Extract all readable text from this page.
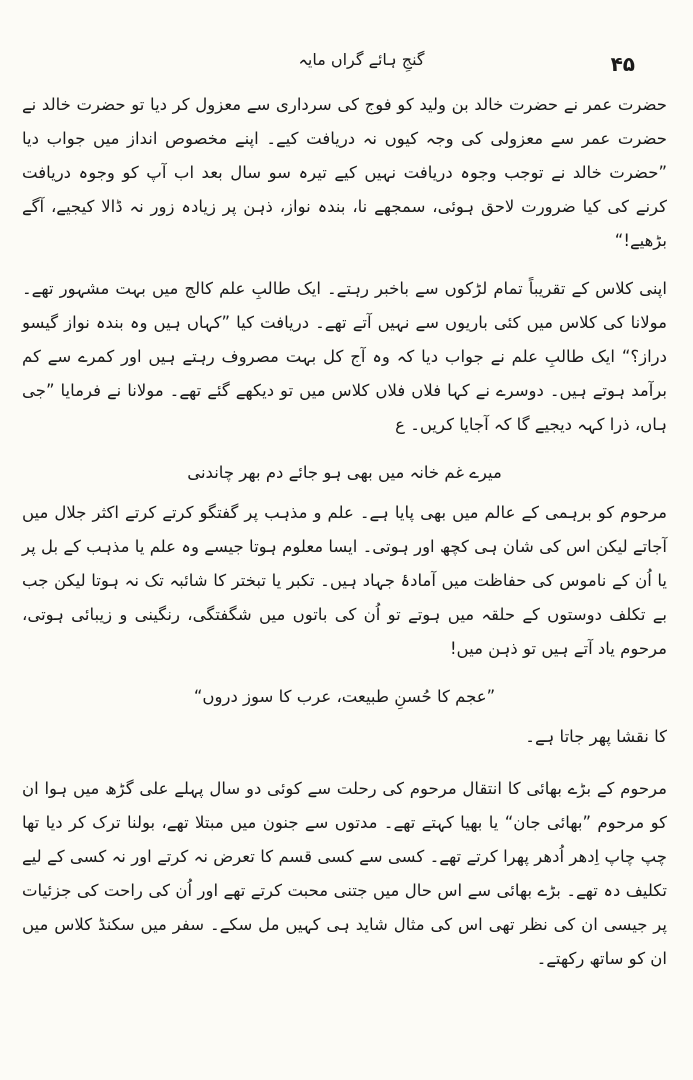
گنجِ ہائے گراں مایہ	۴۵

حضرت عمر نے حضرت خالد بن ولید کو فوج کی سرداری سے معزول کر دیا تو حضرت خالد نے حضرت عمر سے معزولی کی وجہ کیوں نہ دریافت کیے۔ اپنے مخصوص انداز میں جواب دیا ”حضرت خالد نے توجب وجوہ دریافت نہیں کیے تیرہ سو سال بعد اب آپ کو وجوہ دریافت کرنے کی کیا ضرورت لاحق ہوئی، سمجھے نا، بندہ نواز، ذہن پر زیادہ زور نہ ڈالا کیجیے، آگے بڑھیے!“

اپنی کلاس کے تقریباً تمام لڑکوں سے باخبر رہتے۔ ایک طالبِ علم کالج میں بہت مشہور تھے۔ مولانا کی کلاس میں کئی باریوں سے نہیں آتے تھے۔ دریافت کیا ”کہاں ہیں وہ بندہ نواز گیسو دراز؟“ ایک طالبِ علم نے جواب دیا کہ وہ آج کل بہت مصروف رہتے ہیں اور کمرے سے کم برآمد ہوتے ہیں۔ دوسرے نے کہا فلاں فلاں کلاس میں تو دیکھے گئے تھے۔ مولانا نے فرمایا ”جی ہاں، ذرا کہہ دیجیے گا کہ آجایا کریں۔ ع

میرے غم خانہ میں بھی ہو جائے دم بھر چاندنی

مرحوم کو برہمی کے عالم میں بھی پایا ہے۔ علم و مذہب پر گفتگو کرتے کرتے اکثر جلال میں آجاتے لیکن اس کی شان ہی کچھ اور ہوتی۔ ایسا معلوم ہوتا جیسے وہ علم یا مذہب کے بل پر یا اُن کے ناموس کی حفاظت میں آمادۂ جہاد ہیں۔ تکبر یا تبختر کا شائبہ تک نہ ہوتا لیکن جب بے تکلف دوستوں کے حلقہ میں ہوتے تو اُن کی باتوں میں شگفتگی، رنگینی و زیبائی ہوتی، مرحوم یاد آتے ہیں تو ذہن میں!

”عجم کا حُسنِ طبیعت، عرب کا سوز دروں“

کا نقشا پھر جاتا ہے۔

مرحوم کے بڑے بھائی کا انتقال مرحوم کی رحلت سے کوئی دو سال پہلے علی گڑھ میں ہوا ان کو مرحوم ”بھائی جان“ یا بھیا کہتے تھے۔ مدتوں سے جنون میں مبتلا تھے، بولنا ترک کر دیا تھا چپ چاپ اِدھر اُدھر پھرا کرتے تھے۔ کسی سے کسی قسم کا تعرض نہ کرتے اور نہ کسی کے لیے تکلیف دہ تھے۔ بڑے بھائی سے اس حال میں جتنی محبت کرتے تھے اور اُن کی راحت کی جزئیات پر جیسی ان کی نظر تھی اس کی مثال شاید ہی کہیں مل سکے۔ سفر میں سکنڈ کلاس میں ان کو ساتھ رکھتے۔
